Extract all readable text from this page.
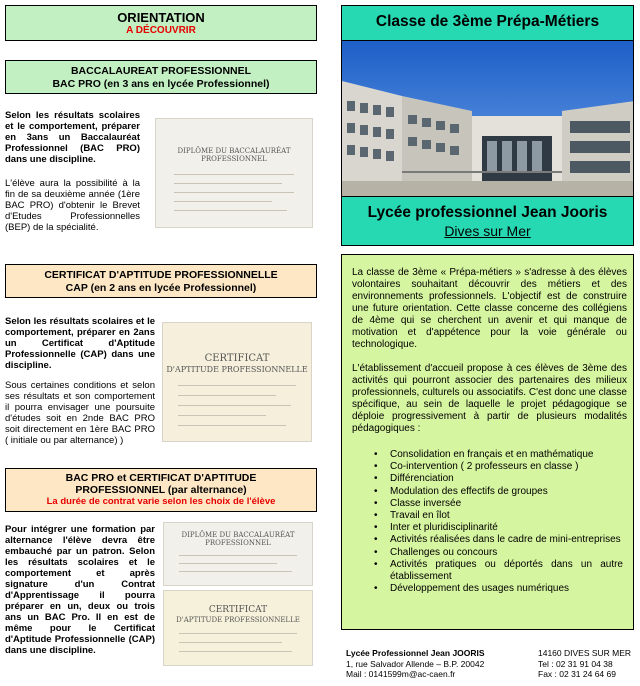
ORIENTATION
A DÉCOUVRIR
BACCALAUREAT PROFESSIONNEL
BAC PRO (en 3 ans en lycée Professionnel)
Selon les résultats scolaires et le comportement, préparer en 3ans un Baccalauréat Professionnel (BAC PRO) dans une discipline.
L'élève aura la possibilité à la fin de sa deuxième année (1ère BAC PRO) d'obtenir le Brevet d'Etudes Professionnelles (BEP) de la spécialité.
DIPLÔME DU BACCALAURÉAT PROFESSIONNEL
CERTIFICAT D'APTITUDE PROFESSIONNELLE
CAP (en 2 ans en lycée Professionnel)
Selon les résultats scolaires et le comportement, préparer en 2ans un Certificat d'Aptitude Professionnelle (CAP) dans une discipline.
Sous certaines conditions et selon ses résultats et son comportement il pourra envisager une poursuite d'études soit en 2nde BAC PRO soit directement en 1ère BAC PRO ( initiale ou par alternance) )
CERTIFICAT
D'APTITUDE PROFESSIONNELLE
BAC PRO et CERTIFICAT D'APTITUDE
PROFESSIONNEL (par alternance)
La durée de contrat varie selon les choix de l'élève
Pour intégrer une formation par alternance l'élève devra être embauché par un patron. Selon les résultats scolaires et le comportement et après signature d'un Contrat d'Apprentissage il pourra préparer en un, deux ou trois ans un BAC Pro. Il en est de même pour le Certificat d'Aptitude Professionnelle (CAP) dans une discipline.
DIPLÔME DU BACCALAURÉAT
PROFESSIONNEL
CERTIFICAT
D'APTITUDE PROFESSIONNELLE
Classe de 3ème Prépa-Métiers
Lycée professionnel Jean Jooris
Dives sur Mer
La classe de 3ème « Prépa-métiers » s'adresse à des élèves volontaires souhaitant découvrir des métiers et des environnements professionnels. L'objectif est de construire une future orientation. Cette classe concerne des collégiens de 4ème qui se cherchent un avenir et qui manque de motivation et d'appétence pour la voie générale ou technologique.
L'établissement d'accueil propose à ces élèves de 3ème des activités qui pourront associer des partenaires des milieux professionnels, culturels ou associatifs. C'est donc une classe spécifique, au sein de laquelle le projet pédagogique se déploie progressivement à partir de plusieurs modalités pédagogiques :
• Consolidation en français et en mathématique
• Co-intervention ( 2 professeurs en classe )
• Différenciation
• Modulation des effectifs de groupes
• Classe inversée
• Travail en îlot
• Inter et pluridisciplinarité
• Activités réalisées dans le cadre de mini-entreprises
• Challenges ou concours
• Activités pratiques ou déportés dans un autre établissement
• Développement des usages numériques
Lycée Professionnel Jean JOORIS
1, rue Salvador Allende – B.P. 20042
Mail : 0141599m@ac-caen.fr
14160 DIVES SUR MER
Tel : 02 31 91 04 38
Fax : 02 31 24 64 69
